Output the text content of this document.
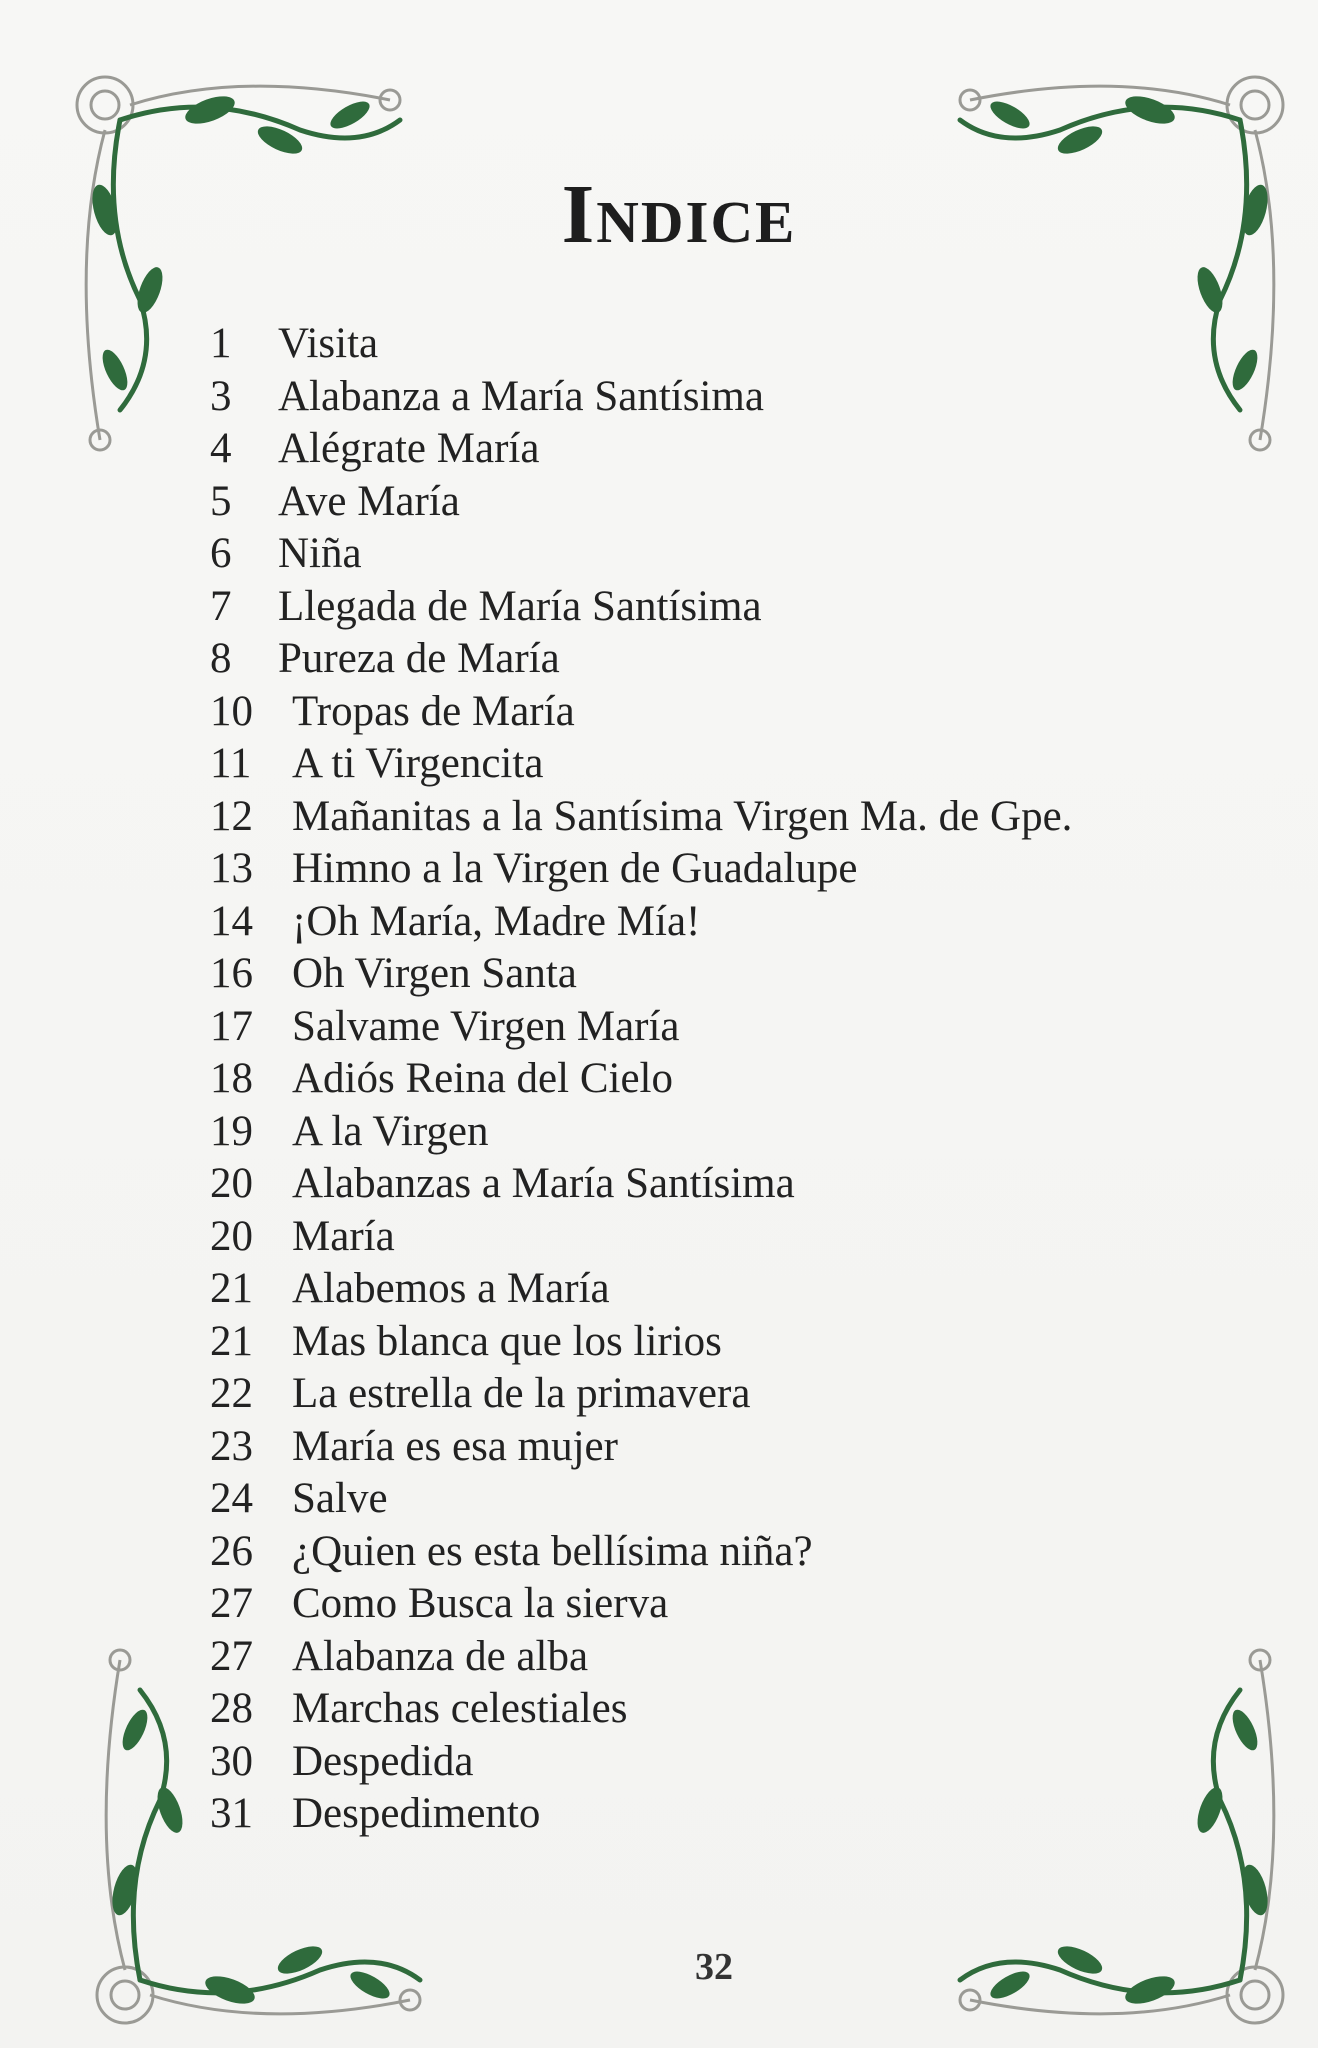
Indice
1	Visita
3	Alabanza a María Santísima
4	Alégrate María
5	Ave María
6	Niña
7	Llegada de María Santísima
8	Pureza de María
10 Tropas de María
11 A ti Virgencita
12 Mañanitas a la Santísima Virgen Ma. de Gpe.
13 Himno a la Virgen de Guadalupe
14 ¡Oh María, Madre Mía!
16 Oh Virgen Santa
17 Salvame Virgen María
18 Adiós Reina del Cielo
19 A la Virgen
20 Alabanzas a María Santísima
20 María
21 Alabemos a María
21 Mas blanca que los lirios
22 La estrella de la primavera
23 María es esa mujer
24 Salve
26 ¿Quien es esta bellísima niña?
27 Como Busca la sierva
27 Alabanza de alba
28 Marchas celestiales
30 Despedida
31 Despedimento
32
